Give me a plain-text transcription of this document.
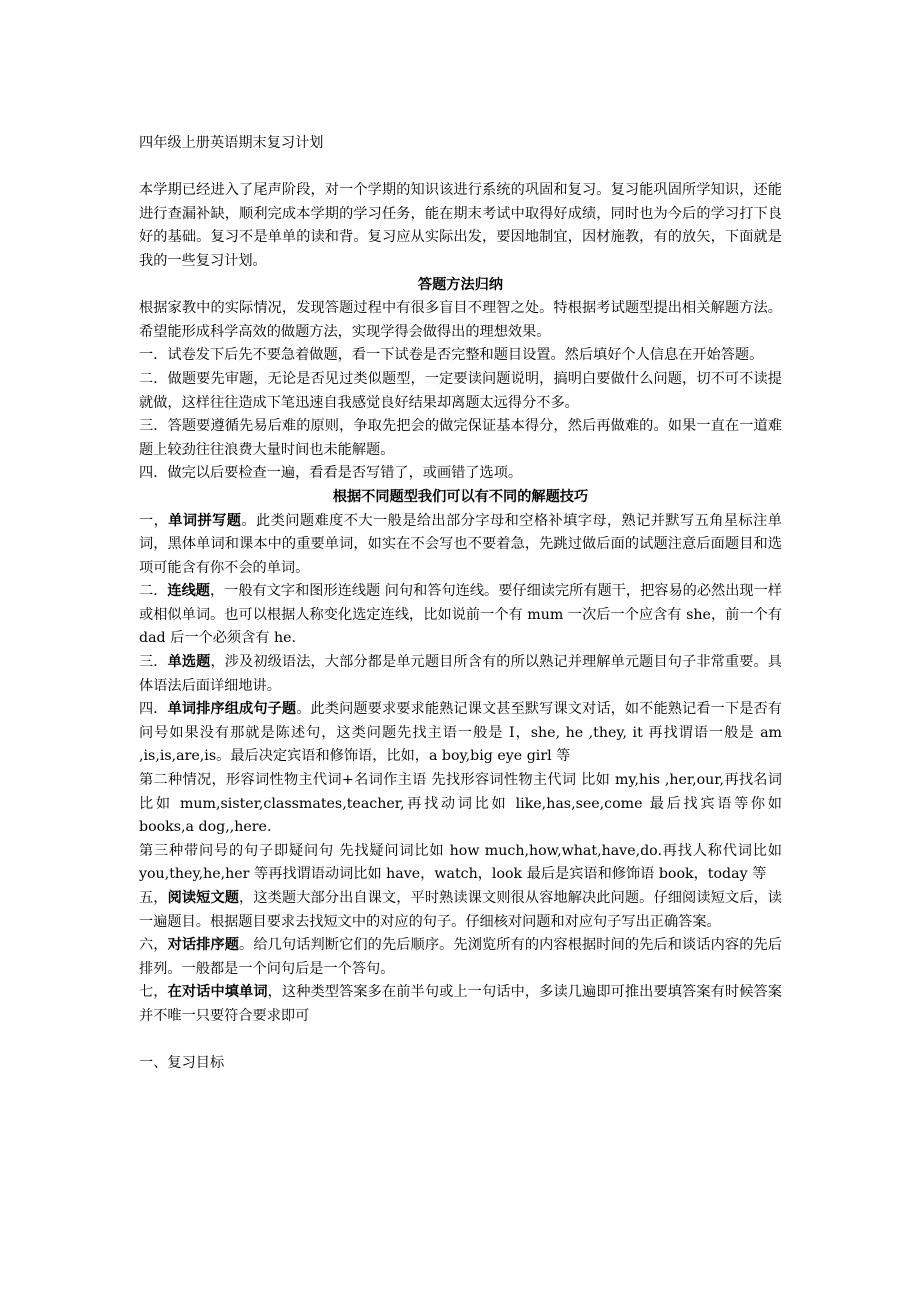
四年级上册英语期末复习计划

本学期已经进入了尾声阶段，对一个学期的知识该进行系统的巩固和复习。复习能巩固所学知识，还能进行查漏补缺，顺利完成本学期的学习任务，能在期末考试中取得好成绩，同时也为今后的学习打下良好的基础。复习不是单单的读和背。复习应从实际出发，要因地制宜，因材施教，有的放矢，下面就是我的一些复习计划。

答题方法归纳

根据家教中的实际情况，发现答题过程中有很多盲目不理智之处。特根据考试题型提出相关解题方法。希望能形成科学高效的做题方法，实现学得会做得出的理想效果。

一．试卷发下后先不要急着做题，看一下试卷是否完整和题目设置。然后填好个人信息在开始答题。

二．做题要先审题，无论是否见过类似题型，一定要读问题说明，搞明白要做什么问题，切不可不读提就做，这样往往造成下笔迅速自我感觉良好结果却离题太远得分不多。

三．答题要遵循先易后难的原则，争取先把会的做完保证基本得分，然后再做难的。如果一直在一道难题上较劲往往浪费大量时间也未能解题。

四．做完以后要检查一遍，看看是否写错了，或画错了选项。

根据不同题型我们可以有不同的解题技巧

一，单词拼写题。此类问题难度不大一般是给出部分字母和空格补填字母，熟记并默写五角星标注单词，黑体单词和课本中的重要单词，如实在不会写也不要着急，先跳过做后面的试题注意后面题目和选项可能含有你不会的单词。

二．连线题，一般有文字和图形连线题 问句和答句连线。要仔细读完所有题干，把容易的必然出现一样或相似单词。也可以根据人称变化选定连线，比如说前一个有 mum 一次后一个应含有 she，前一个有 dad 后一个必须含有 he.

三．单选题，涉及初级语法，大部分都是单元题目所含有的所以熟记并理解单元题目句子非常重要。具体语法后面详细地讲。

四．单词排序组成句子题。此类问题要求要求能熟记课文甚至默写课文对话，如不能熟记看一下是否有问号如果没有那就是陈述句，这类问题先找主语一般是 I，she, he ,they, it 再找谓语一般是 am ,is,is,are,is。最后决定宾语和修饰语，比如，a boy,big eye girl 等

第二种情况，形容词性物主代词+名词作主语 先找形容词性物主代词 比如 my,his ,her,our,再找名词 比如 mum,sister,classmates,teacher,再找动词比如 like,has,see,come 最后找宾语等你如 books,a dog,,here.

第三种带问号的句子即疑问句 先找疑问词比如 how much,how,what,have,do.再找人称代词比如 you,they,he,her 等再找谓语动词比如 have，watch，look 最后是宾语和修饰语 book，today 等

五，阅读短文题，这类题大部分出自课文，平时熟读课文则很从容地解决此问题。仔细阅读短文后，读一遍题目。根据题目要求去找短文中的对应的句子。仔细核对问题和对应句子写出正确答案。

六，对话排序题。给几句话判断它们的先后顺序。先浏览所有的内容根据时间的先后和谈话内容的先后排列。一般都是一个问句后是一个答句。

七，在对话中填单词，这种类型答案多在前半句或上一句话中，多读几遍即可推出要填答案有时候答案并不唯一只要符合要求即可

一、复习目标
